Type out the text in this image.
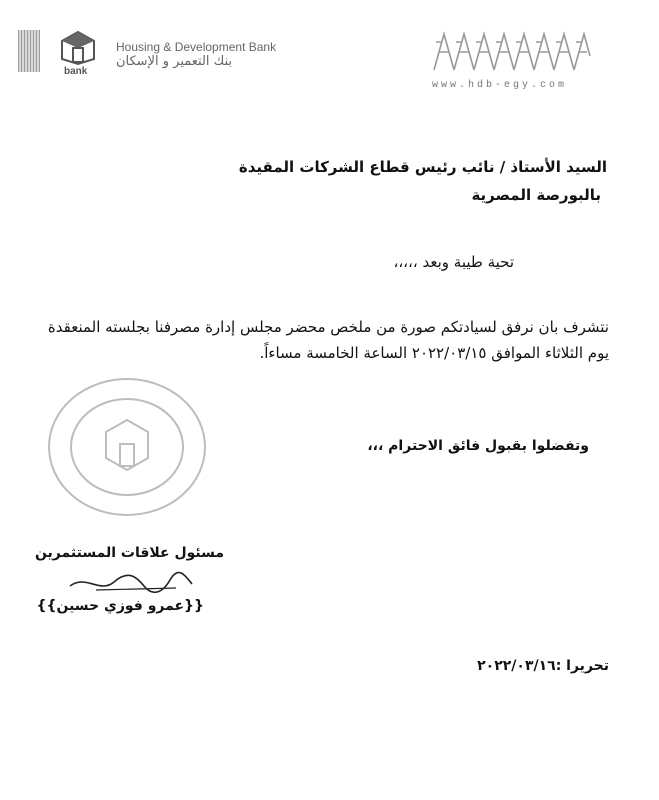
bank
Housing & Development Bank
بنك التعمير و الإسكان
www.hdb-egy.com
السيد الأستاذ / نائب رئيس قطاع الشركات المقيدة
بالبورصة المصرية
تحية طيبة وبعد ،،،،،
نتشرف بان نرفق لسيادتكم صورة من ملخص محضر مجلس إدارة مصرفنا بجلسته المنعقدة
يوم الثلاثاء الموافق ٢٠٢٢/٠٣/١٥ الساعة الخامسة مساءاً.
وتفضلوا بقبول فائق الاحترام ،،،
مسئول علاقات المستثمرين
{{عمرو فوزي حسين}}
تحريرا :٢٠٢٢/٠٣/١٦
